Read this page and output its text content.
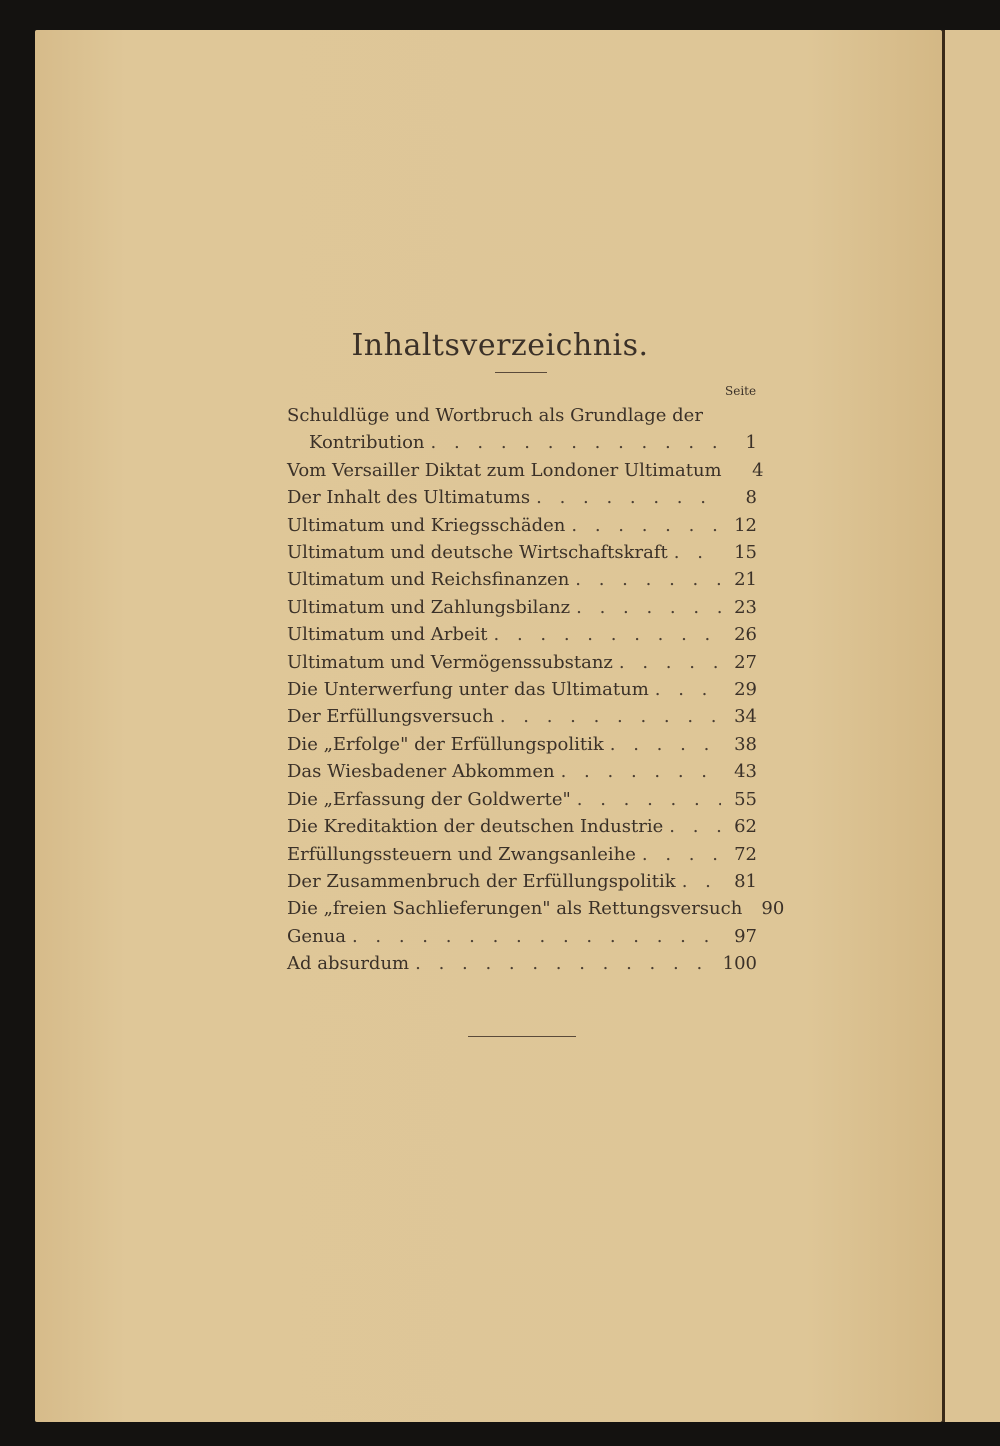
Inhaltsverzeichnis.
Seite
Schuldlüge und Wortbruch als Grundlage der
Kontribution . . .	1
Vom Versailler Diktat zum Londoner Ultimatum	4
Der Inhalt des Ultimatums . . .	8
Ultimatum und Kriegsschäden . . .	12
Ultimatum und deutsche Wirtschaftskraft . . .	15
Ultimatum und Reichsfinanzen . . .	21
Ultimatum und Zahlungsbilanz . . .	23
Ultimatum und Arbeit . . .	26
Ultimatum und Vermögenssubstanz . . .	27
Die Unterwerfung unter das Ultimatum . . .	29
Der Erfüllungsversuch . . .	34
Die „Erfolge" der Erfüllungspolitik . . .	38
Das Wiesbadener Abkommen . . .	43
Die „Erfassung der Goldwerte" . . .	55
Die Kreditaktion der deutschen Industrie . . .	62
Erfüllungssteuern und Zwangsanleihe . . .	72
Der Zusammenbruch der Erfüllungspolitik . . .	81
Die „freien Sachlieferungen" als Rettungsversuch	90
Genua . . .	97
Ad absurdum . . .	100
